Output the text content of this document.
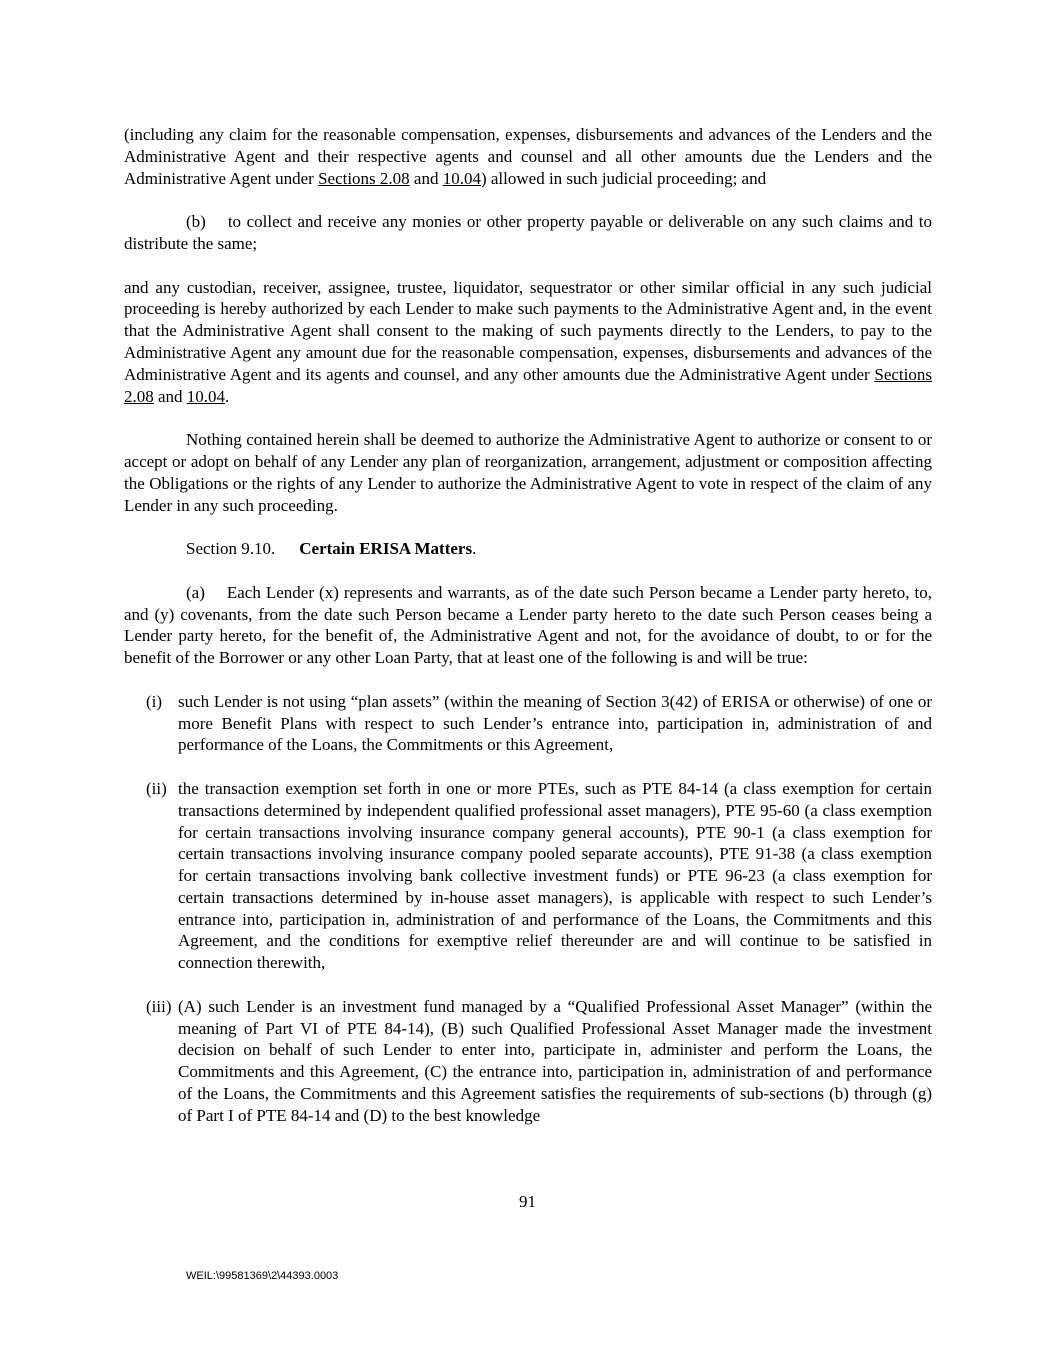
(including any claim for the reasonable compensation, expenses, disbursements and advances of the Lenders and the Administrative Agent and their respective agents and counsel and all other amounts due the Lenders and the Administrative Agent under Sections 2.08 and 10.04) allowed in such judicial proceeding; and

(b) to collect and receive any monies or other property payable or deliverable on any such claims and to distribute the same;

and any custodian, receiver, assignee, trustee, liquidator, sequestrator or other similar official in any such judicial proceeding is hereby authorized by each Lender to make such payments to the Administrative Agent and, in the event that the Administrative Agent shall consent to the making of such payments directly to the Lenders, to pay to the Administrative Agent any amount due for the reasonable compensation, expenses, disbursements and advances of the Administrative Agent and its agents and counsel, and any other amounts due the Administrative Agent under Sections 2.08 and 10.04.

Nothing contained herein shall be deemed to authorize the Administrative Agent to authorize or consent to or accept or adopt on behalf of any Lender any plan of reorganization, arrangement, adjustment or composition affecting the Obligations or the rights of any Lender to authorize the Administrative Agent to vote in respect of the claim of any Lender in any such proceeding.

Section 9.10. Certain ERISA Matters.

(a) Each Lender (x) represents and warrants, as of the date such Person became a Lender party hereto, to, and (y) covenants, from the date such Person became a Lender party hereto to the date such Person ceases being a Lender party hereto, for the benefit of, the Administrative Agent and not, for the avoidance of doubt, to or for the benefit of the Borrower or any other Loan Party, that at least one of the following is and will be true:

(i) such Lender is not using “plan assets” (within the meaning of Section 3(42) of ERISA or otherwise) of one or more Benefit Plans with respect to such Lender’s entrance into, participation in, administration of and performance of the Loans, the Commitments or this Agreement,

(ii) the transaction exemption set forth in one or more PTEs, such as PTE 84-14 (a class exemption for certain transactions determined by independent qualified professional asset managers), PTE 95-60 (a class exemption for certain transactions involving insurance company general accounts), PTE 90-1 (a class exemption for certain transactions involving insurance company pooled separate accounts), PTE 91-38 (a class exemption for certain transactions involving bank collective investment funds) or PTE 96-23 (a class exemption for certain transactions determined by in-house asset managers), is applicable with respect to such Lender’s entrance into, participation in, administration of and performance of the Loans, the Commitments and this Agreement, and the conditions for exemptive relief thereunder are and will continue to be satisfied in connection therewith,

(iii) (A) such Lender is an investment fund managed by a “Qualified Professional Asset Manager” (within the meaning of Part VI of PTE 84-14), (B) such Qualified Professional Asset Manager made the investment decision on behalf of such Lender to enter into, participate in, administer and perform the Loans, the Commitments and this Agreement, (C) the entrance into, participation in, administration of and performance of the Loans, the Commitments and this Agreement satisfies the requirements of sub-sections (b) through (g) of Part I of PTE 84-14 and (D) to the best knowledge

91
WEIL:\99581369\2\44393.0003
